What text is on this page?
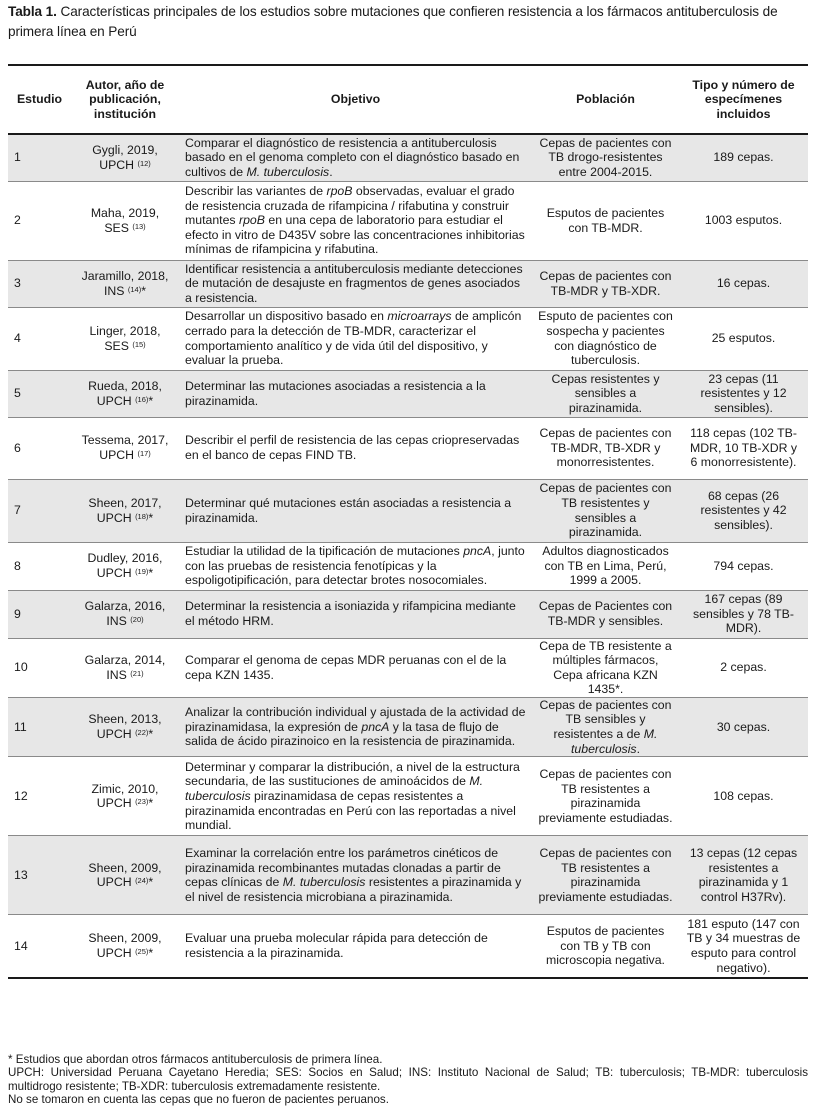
Tabla 1. Características principales de los estudios sobre mutaciones que confieren resistencia a los fármacos antituberculosis de primera línea en Perú
Estudio	Autor, año de publicación, institución	Objetivo	Población	Tipo y número de especímenes incluidos
1	Gygli, 2019, UPCH $^{(12)}$	Comparar el diagnóstico de resistencia a antituberculosis basado en el genoma completo con el diagnóstico basado en cultivos de M. tuberculosis.	Cepas de pacientes con TB drogo-resistentes entre 2004-2015.	189 cepas.
2	Maha, 2019, SES $^{(13)}$	Describir las variantes de rpoB observadas, evaluar el grado de resistencia cruzada de rifampicina / rifabutina y construir mutantes rpoB en una cepa de laboratorio para estudiar el efecto in vitro de D435V sobre las concentraciones inhibitorias mínimas de rifampicina y rifabutina.	Esputos de pacientes con TB-MDR.	1003 esputos.
3	Jaramillo, 2018, INS $^{(14)}$*	Identificar resistencia a antituberculosis mediante detecciones de mutación de desajuste en fragmentos de genes asociados a resistencia.	Cepas de pacientes con TB-MDR y TB-XDR.	16 cepas.
4	Linger, 2018, SES $^{(15)}$	Desarrollar un dispositivo basado en microarrays de amplicón cerrado para la detección de TB-MDR, caracterizar el comportamiento analítico y de vida útil del dispositivo, y evaluar la prueba.	Esputo de pacientes con sospecha y pacientes con diagnóstico de tuberculosis.	25 esputos.
5	Rueda, 2018, UPCH $^{(16)}$*	Determinar las mutaciones asociadas a resistencia a la pirazinamida.	Cepas resistentes y sensibles a pirazinamida.	23 cepas (11 resistentes y 12 sensibles).
6	Tessema, 2017, UPCH $^{(17)}$	Describir el perfil de resistencia de las cepas criopreservadas en el banco de cepas FIND TB.	Cepas de pacientes con TB-MDR, TB-XDR y monorresistentes.	118 cepas (102 TB-MDR, 10 TB-XDR y 6 monorresistente).
7	Sheen, 2017, UPCH $^{(18)}$*	Determinar qué mutaciones están asociadas a resistencia a pirazinamida.	Cepas de pacientes con TB resistentes y sensibles a pirazinamida.	68 cepas (26 resistentes y 42 sensibles).
8	Dudley, 2016, UPCH $^{(19)}$*	Estudiar la utilidad de la tipificación de mutaciones pncA, junto con las pruebas de resistencia fenotípicas y la espoligotipificación, para detectar brotes nosocomiales.	Adultos diagnosticados con TB en Lima, Perú, 1999 a 2005.	794 cepas.
9	Galarza, 2016, INS $^{(20)}$	Determinar la resistencia a isoniazida y rifampicina mediante el método HRM.	Cepas de Pacientes con TB-MDR y sensibles.	167 cepas (89 sensibles y 78 TB-MDR).
10	Galarza, 2014, INS $^{(21)}$	Comparar el genoma de cepas MDR peruanas con el de la cepa KZN 1435.	Cepa de TB resistente a múltiples fármacos, Cepa africana KZN 1435*.	2 cepas.
11	Sheen, 2013, UPCH $^{(22)}$*	Analizar la contribución individual y ajustada de la actividad de pirazinamidasa, la expresión de pncA y la tasa de flujo de salida de ácido pirazinoico en la resistencia de pirazinamida.	Cepas de pacientes con TB sensibles y resistentes a de M. tuberculosis.	30 cepas.
12	Zimic, 2010, UPCH $^{(23)}$*	Determinar y comparar la distribución, a nivel de la estructura secundaria, de las sustituciones de aminoácidos de M. tuberculosis pirazinamidasa de cepas resistentes a pirazinamida encontradas en Perú con las reportadas a nivel mundial.	Cepas de pacientes con TB resistentes a pirazinamida previamente estudiadas.	108 cepas.
13	Sheen, 2009, UPCH $^{(24)}$*	Examinar la correlación entre los parámetros cinéticos de pirazinamida recombinantes mutadas clonadas a partir de cepas clínicas de M. tuberculosis resistentes a pirazinamida y el nivel de resistencia microbiana a pirazinamida.	Cepas de pacientes con TB resistentes a pirazinamida previamente estudiadas.	13 cepas (12 cepas resistentes a pirazinamida y 1 control H37Rv).
14	Sheen, 2009, UPCH $^{(25)}$*	Evaluar una prueba molecular rápida para detección de resistencia a la pirazinamida.	Esputos de pacientes con TB y TB con microscopia negativa.	181 esputo (147 con TB y 34 muestras de esputo para control negativo).

* Estudios que abordan otros fármacos antituberculosis de primera línea.

UPCH: Universidad Peruana Cayetano Heredia; SES: Socios en Salud; INS: Instituto Nacional de Salud; TB: tuberculosis; TB-MDR: tuberculosis multidrogo resistente; TB-XDR: tuberculosis extremadamente resistente.

No se tomaron en cuenta las cepas que no fueron de pacientes peruanos.
